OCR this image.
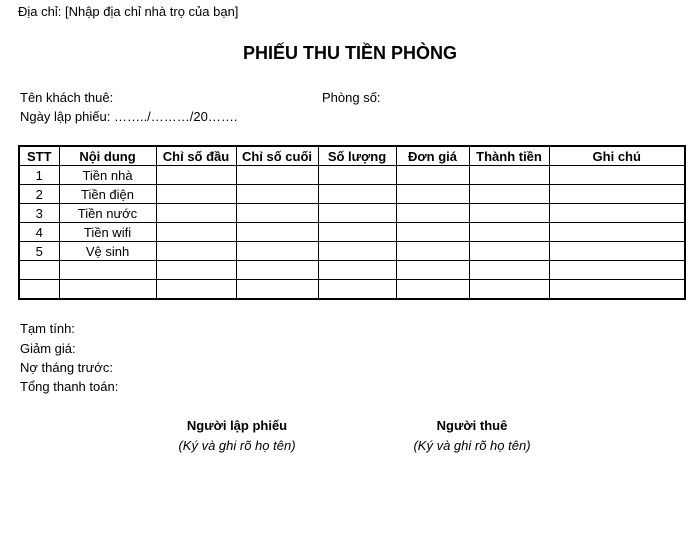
Địa chỉ: [Nhập địa chỉ nhà trọ của bạn]
PHIẾU THU TIỀN PHÒNG
Tên khách thuê:	Phòng số:
Ngày lập phiếu: ……../………/20…….
STT	Nội dung	Chỉ số đầu	Chỉ số cuối	Số lượng	Đơn giá	Thành tiền	Ghi chú
1	Tiền nhà						
2	Tiền điện						
3	Tiền nước						
4	Tiền wifi						
5	Vệ sinh						

Tạm tính:
Giảm giá:
Nợ tháng trước:
Tổng thanh toán:
Người lập phiếu
(Ký và ghi rõ họ tên)
Người thuê
(Ký và ghi rõ họ tên)
